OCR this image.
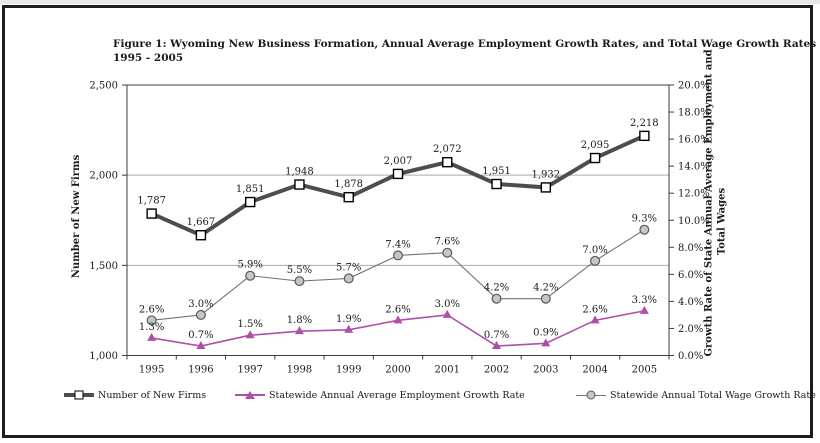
Figure 1: Wyoming New Business Formation, Annual Average Employment Growth Rates, and Total Wage Growth Rates
1995 - 2005
2,500
2,000
1,500
1,000	0.0%
2.0%
4.0%
6.0%
8.0%
10.0%
12.0%
14.0%
16.0%
18.0%
20.0%
1995 1996 1997 1998 1999 2000 2001 2002 2003 2004 2005
2.6% 3.0%
5.9% 5.5% 5.7%
7.4% 7.6%
4.2% 4.2%
7.0%
9.3%
1.3%
0.7%
1.5% 1.8% 1.9%
2.6% 3.0%
0.7% 0.9%
2.6%
3.3%
1,787
1,667
1,851
1,948
1,878
2,007
2,072
1,951 1,932
2,095
2,218
Number of New Firms	Growth Rate of State Annual Average Employment and Total Wages
Number of New Firms	Statewide Annual Average Employment Growth Rate	Statewide Annual Total Wage Growth Rate
